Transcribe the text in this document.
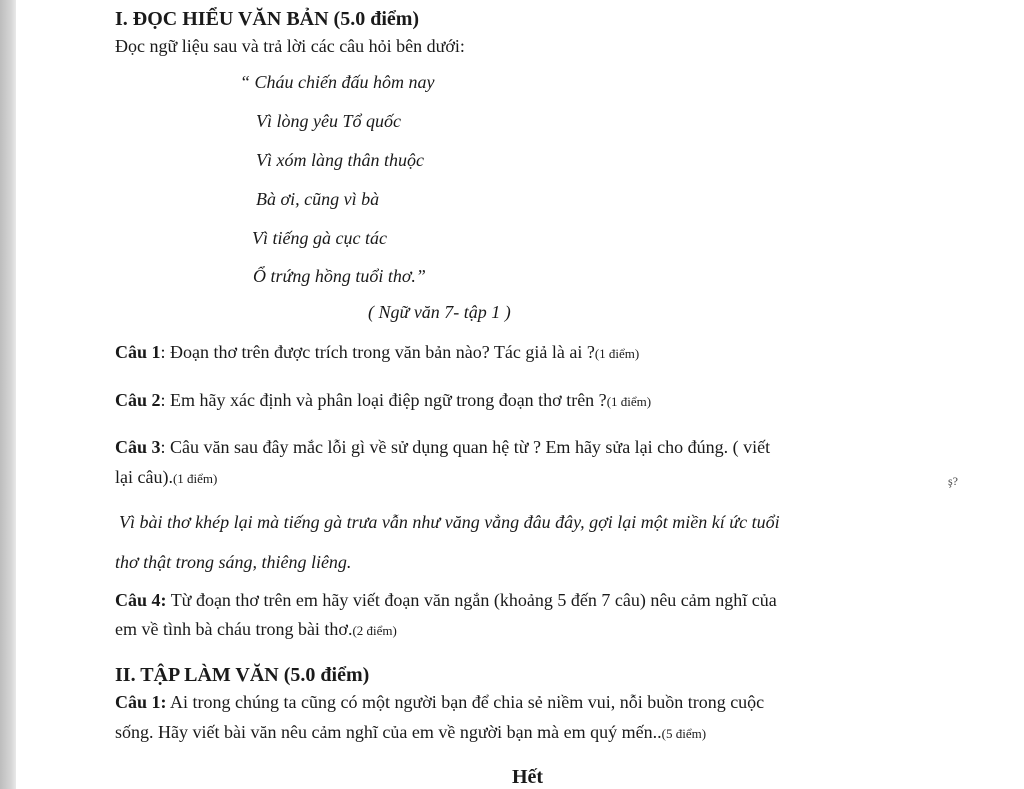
I. ĐỌC HIỂU VĂN BẢN (5.0 điểm)
Đọc ngữ liệu sau và trả lời các câu hỏi bên dưới:
“ Cháu chiến đấu hôm nay
Vì lòng yêu Tổ quốc
Vì xóm làng thân thuộc
Bà ơi, cũng vì bà
Vì tiếng gà cục tác
Ổ trứng hồng tuổi thơ.”
( Ngữ văn 7- tập 1 )
Câu 1: Đoạn thơ trên được trích trong văn bản nào? Tác giả là ai ?(1 điểm)
Câu 2: Em hãy xác định và phân loại điệp ngữ trong đoạn thơ trên ?(1 điểm)
Câu 3: Câu văn sau đây mắc lỗi gì về sử dụng quan hệ từ ? Em hãy sửa lại cho đúng. ( viết
lại câu).(1 điểm)	ş?
Vì bài thơ khép lại mà tiếng gà trưa vẫn như văng vẳng đâu đây, gợi lại một miền kí ức tuổi
thơ thật trong sáng, thiêng liêng.
Câu 4: Từ đoạn thơ trên em hãy viết đoạn văn ngắn (khoảng 5 đến 7 câu) nêu cảm nghĩ của
em về tình bà cháu trong bài thơ.(2 điểm)
II. TẬP LÀM VĂN (5.0 điểm)
Câu 1: Ai trong chúng ta cũng có một người bạn để chia sẻ niềm vui, nỗi buồn trong cuộc
sống. Hãy viết bài văn nêu cảm nghĩ của em về người bạn mà em quý mến..(5 điểm)
Hết
